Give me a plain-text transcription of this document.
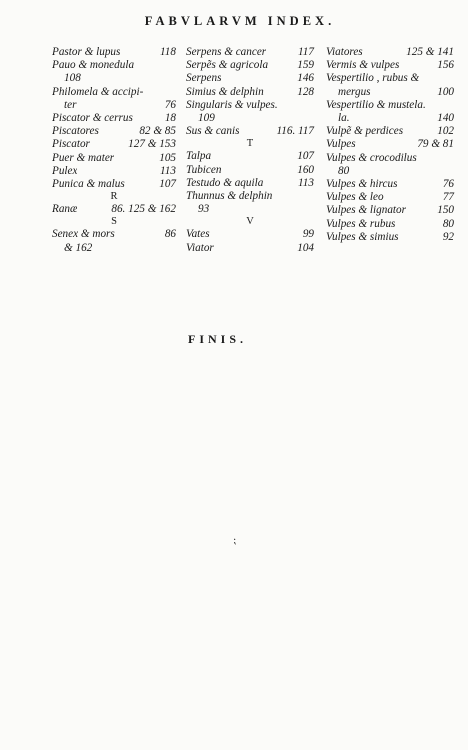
FABVLARVM INDEX.
Pastor & lupus	118
Pauo & monedula
108
Philomela & accipi-
ter	76
Piscator & cerrus	18
Piscatores	82 & 85
Piscator	127 & 153
Puer & mater	105
Pulex	113
Punica & malus	107
R
Ranæ	86. 125 & 162
S
Senex & mors	86
& 162
Serpens & cancer	117
Serpẽs & agricola	159
Serpens	146
Simius & delphin	128
Singularis & vulpes.
109
Sus & canis	116. 117
T
Talpa	107
Tubicen	160
Testudo & aquila	113
Thunnus & delphin
93
V
Vates	99
Viator	104
Viatores	125 & 141
Vermis & vulpes	156
Vespertilio , rubus &
mergus	100
Vespertilio & mustela.
la.	140
Vulpẽ & perdices	102
Vulpes	79 & 81
Vulpes & crocodilus
80
Vulpes & hircus	76
Vulpes & leo	77
Vulpes & lignator	150
Vulpes & rubus	80
Vulpes & simius	92
FINIS.
⁏
